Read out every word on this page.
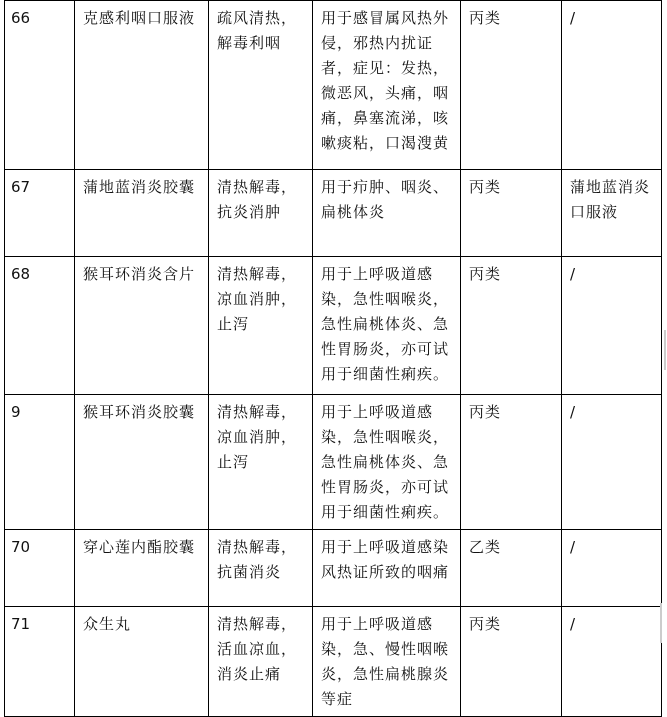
66	克感利咽口服液	疏风清热，解毒利咽	用于感冒属风热外侵，邪热内扰证者，症见：发热，微恶风，头痛，咽痛，鼻塞流涕，咳嗽痰粘，口渴溲黄	丙类	/

67	蒲地蓝消炎胶囊	清热解毒，抗炎消肿	用于疖肿、咽炎、扁桃体炎	丙类	蒲地蓝消炎口服液

68	猴耳环消炎含片	清热解毒，凉血消肿，止泻	用于上呼吸道感染，急性咽喉炎，急性扁桃体炎、急性胃肠炎，亦可试用于细菌性痢疾。	丙类	/

9	猴耳环消炎胶囊	清热解毒，凉血消肿，止泻	用于上呼吸道感染，急性咽喉炎，急性扁桃体炎、急性胃肠炎，亦可试用于细菌性痢疾。	丙类	/

70	穿心莲内酯胶囊	清热解毒，抗菌消炎	用于上呼吸道感染风热证所致的咽痛	乙类	/

71	众生丸	清热解毒，活血凉血，消炎止痛	用于上呼吸道感染，急、慢性咽喉炎，急性扁桃腺炎等症	丙类	/
